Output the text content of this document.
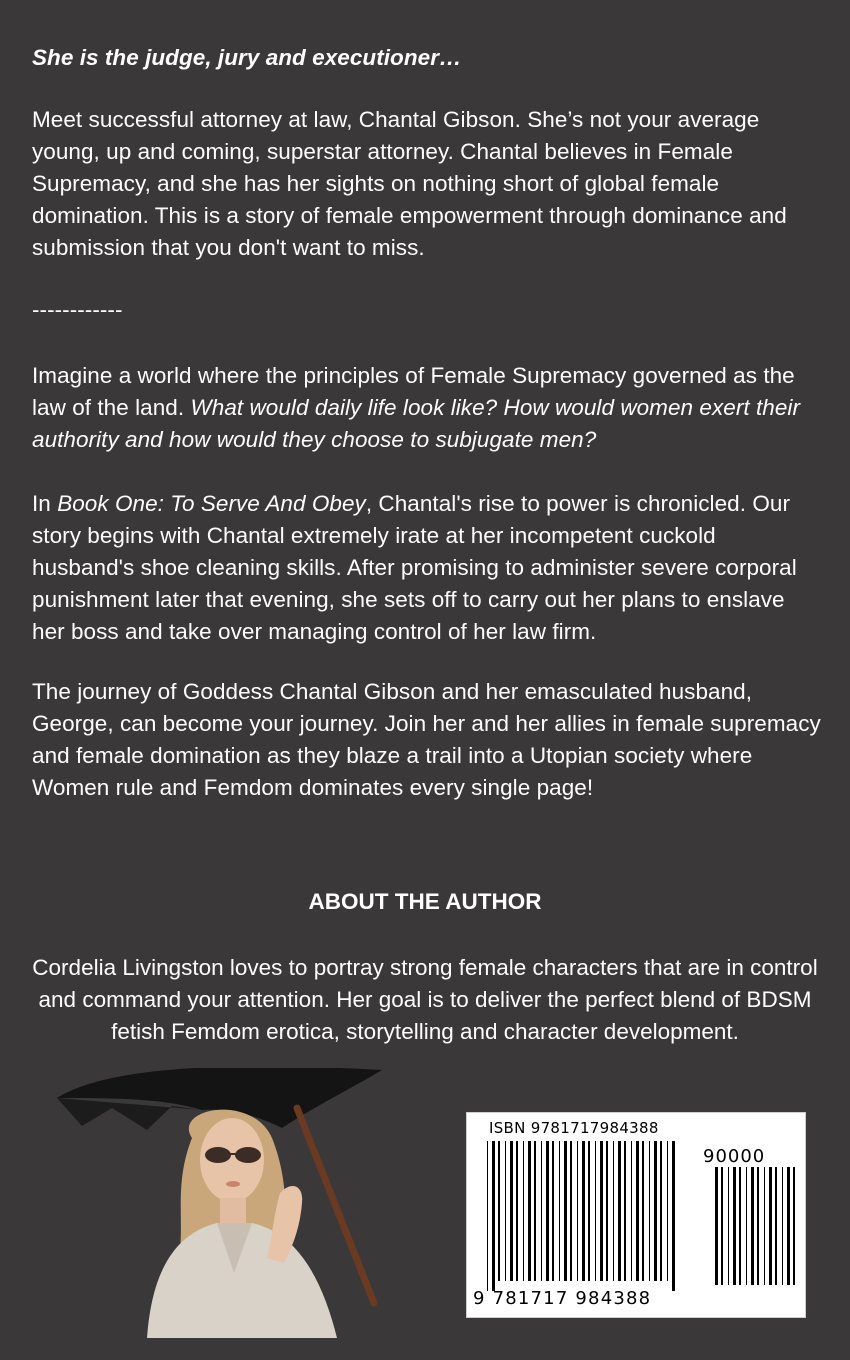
She is the judge, jury and executioner…

Meet successful attorney at law, Chantal Gibson. She’s not your average young, up and coming, superstar attorney. Chantal believes in Female Supremacy, and she has her sights on nothing short of global female domination. This is a story of female empowerment through dominance and submission that you don't want to miss.

------------

Imagine a world where the principles of Female Supremacy governed as the law of the land. What would daily life look like? How would women exert their authority and how would they choose to subjugate men?

In Book One: To Serve And Obey, Chantal's rise to power is chronicled. Our story begins with Chantal extremely irate at her incompetent cuckold husband's shoe cleaning skills. After promising to administer severe corporal punishment later that evening, she sets off to carry out her plans to enslave her boss and take over managing control of her law firm.

The journey of Goddess Chantal Gibson and her emasculated husband, George, can become your journey. Join her and her allies in female supremacy and female domination as they blaze a trail into a Utopian society where Women rule and Femdom dominates every single page!

ABOUT THE AUTHOR

Cordelia Livingston loves to portray strong female characters that are in control and command your attention. Her goal is to deliver the perfect blend of BDSM fetish Femdom erotica, storytelling and character development.

ISBN 9781717984388
90000
9 781717 984388
